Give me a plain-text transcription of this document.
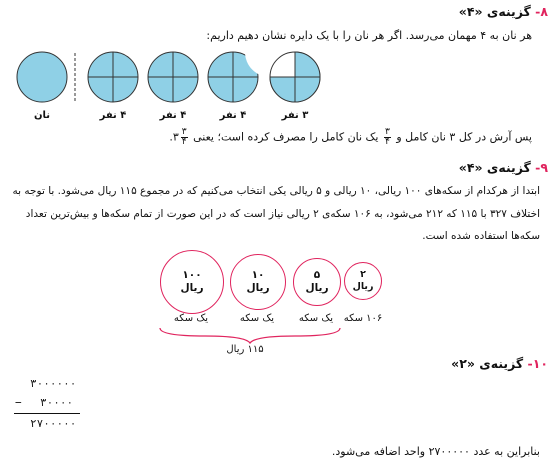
۸- گزینه‌ی «۴»
هر نان به ۴ مهمان می‌رسد. اگر هر نان را با یک دایره نشان دهیم داریم:
نان	۴ نفر	۴ نفر	۴ نفر	۳ نفر
پس آرش در کل ۳ نان کامل و
$\frac{۳}{۴}$
یک نان کامل را مصرف کرده است؛ یعنی
$\frac{۳}{۴}$
۳.
۹- گزینه‌ی «۴»
ابتدا از هرکدام از سکه‌های ۱۰۰ ریالی، ۱۰ ریالی و ۵ ریالی یکی انتخاب می‌کنیم که در مجموع ۱۱۵ ریال می‌شود. با توجه به
اختلاف ۳۲۷ با ۱۱۵ که ۲۱۲ می‌شود، به ۱۰۶ سکه‌ی ۲ ریالی نیاز است که در این صورت از تمام سکه‌ها و بیش‌ترین تعداد
سکه‌ها استفاده شده است.
۱۰۰
ریال
۱۰
ریال
۵
ریال
۲
ریال
یک سکه	یک سکه	یک سکه	۱۰۶ سکه
۱۱۵ ریال
۱۰- گزینه‌ی «۲»
۳۰۰۰۰۰۰
− ۳۰۰۰۰
۲۷۰۰۰۰۰
بنابراین به عدد ۲۷۰۰۰۰۰ واحد اضافه می‌شود.
